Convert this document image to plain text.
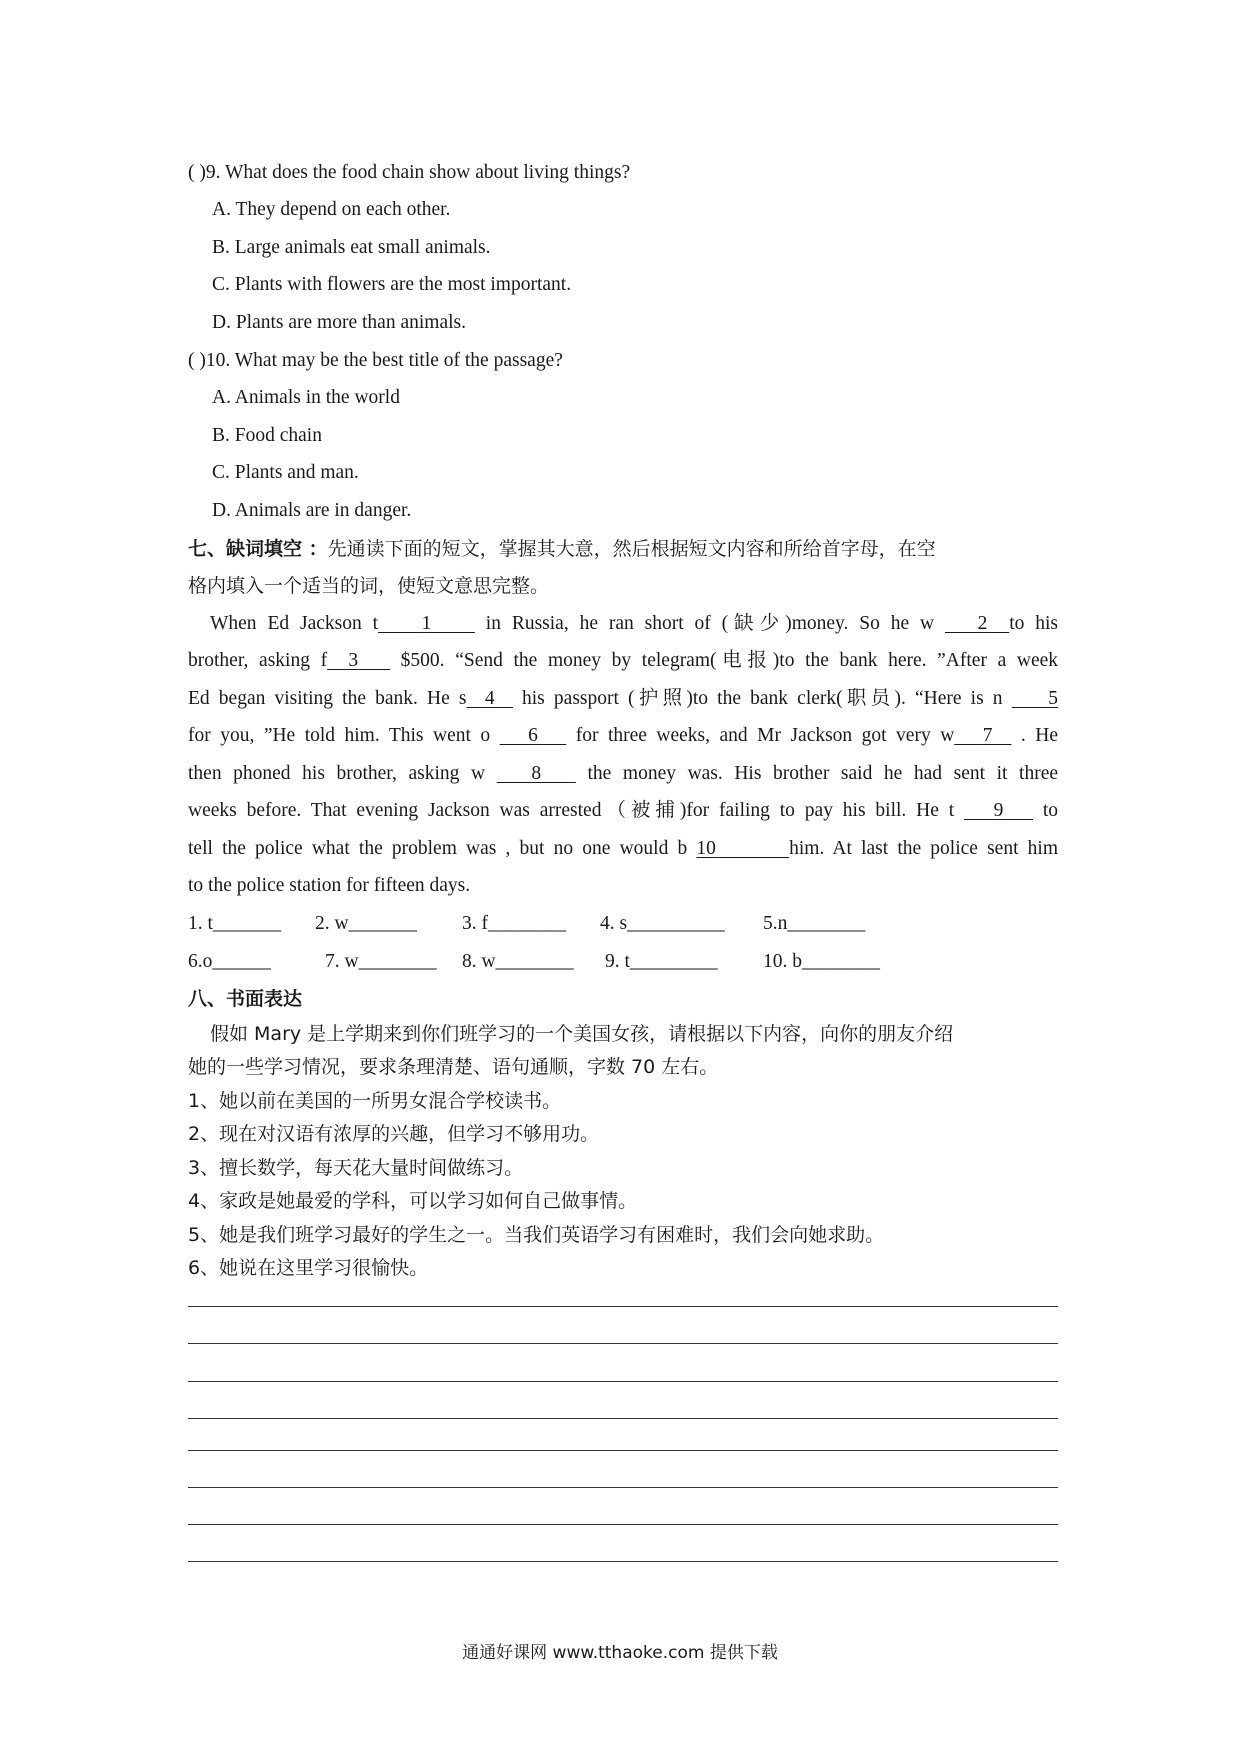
( )9. What does the food chain show about living things?
A. They depend on each other.
B. Large animals eat small animals.
C. Plants with flowers are the most important.
D. Plants are more than animals.
( )10. What may be the best title of the passage?
A. Animals in the world
B. Food chain
C. Plants and man.
D. Animals are in danger.
七、缺词填空 ：先通读下面的短文，掌握其大意，然后根据短文内容和所给首字母，在空
格内填入一个适当的词，使短文意思完整。
When Ed Jackson t 1     in Russia, he ran short of (缺少)money. So he w    2 to his
brother, asking f 3    $500. “Send the money by telegram(电报)to the bank here. ”After a week
Ed began visiting the bank. He s 4   his passport (护照)to the bank clerk(职员). “Here is n     5
for you, ”He told him. This went o    6    for three weeks, and Mr Jackson got very w 7   . He
then phoned his brother, asking w    8    the money was. His brother said he had sent it three
weeks before. That evening Jackson was arrested（被捕)for failing to pay his bill. He t    9    to
tell the police what the problem was , but no one would b 10	him. At last the police sent him
to the police station for fifteen days.
1. t_______ 2. w_______ 3. f________ 4. s__________ 5.n________
6.o______	7. w________ 8. w________ 9. t_________ 10. b________
八、书面表达
假如 Mary 是上学期来到你们班学习的一个美国女孩，请根据以下内容，向你的朋友介绍
她的一些学习情况，要求条理清楚、语句通顺，字数 70 左右。
1、她以前在美国的一所男女混合学校读书。
2、现在对汉语有浓厚的兴趣，但学习不够用功。
3、擅长数学，每天花大量时间做练习。
4、家政是她最爱的学科，可以学习如何自己做事情。
5、她是我们班学习最好的学生之一。当我们英语学习有困难时，我们会向她求助。
6、她说在这里学习很愉快。
通通好课网 www.tthaoke.com 提供下载
